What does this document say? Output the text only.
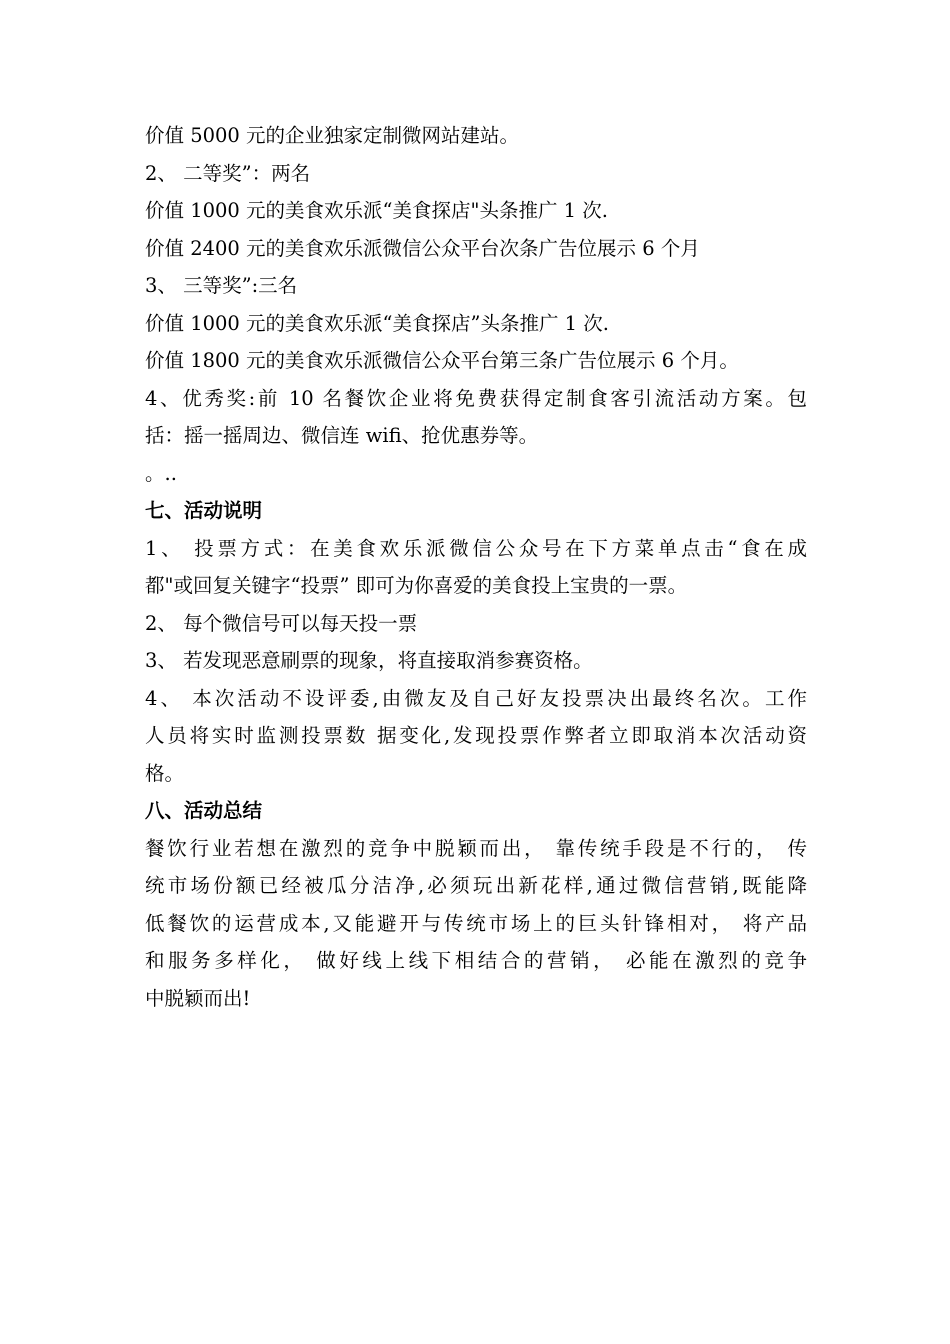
价值 5000 元的企业独家定制微网站建站。
2、 二等奖”：两名
价值 1000 元的美食欢乐派“美食探店"头条推广 1 次.
价值 2400 元的美食欢乐派微信公众平台次条广告位展示 6 个月
3、 三等奖”:三名
价值 1000 元的美食欢乐派“美食探店”头条推广 1 次.
价值 1800 元的美食欢乐派微信公众平台第三条广告位展示 6 个月。
4、优秀奖:前 10 名餐饮企业将免费获得定制食客引流活动方案。包
括：摇一摇周边、微信连 wifi、抢优惠券等。
。..
七、活动说明
1、 投票方式：在美食欢乐派微信公众号在下方菜单点击“食在成
都"或回复关键字“投票” 即可为你喜爱的美食投上宝贵的一票。
2、 每个微信号可以每天投一票
3、 若发现恶意刷票的现象，将直接取消参赛资格。
4、 本次活动不设评委,由微友及自己好友投票决出最终名次。工作
人员将实时监测投票数 据变化,发现投票作弊者立即取消本次活动资
格。
八、活动总结
餐饮行业若想在激烈的竞争中脱颖而出， 靠传统手段是不行的， 传
统市场份额已经被瓜分洁净,必须玩出新花样,通过微信营销,既能降
低餐饮的运营成本,又能避开与传统市场上的巨头针锋相对， 将产品
和服务多样化， 做好线上线下相结合的营销， 必能在激烈的竞争
中脱颖而出!
